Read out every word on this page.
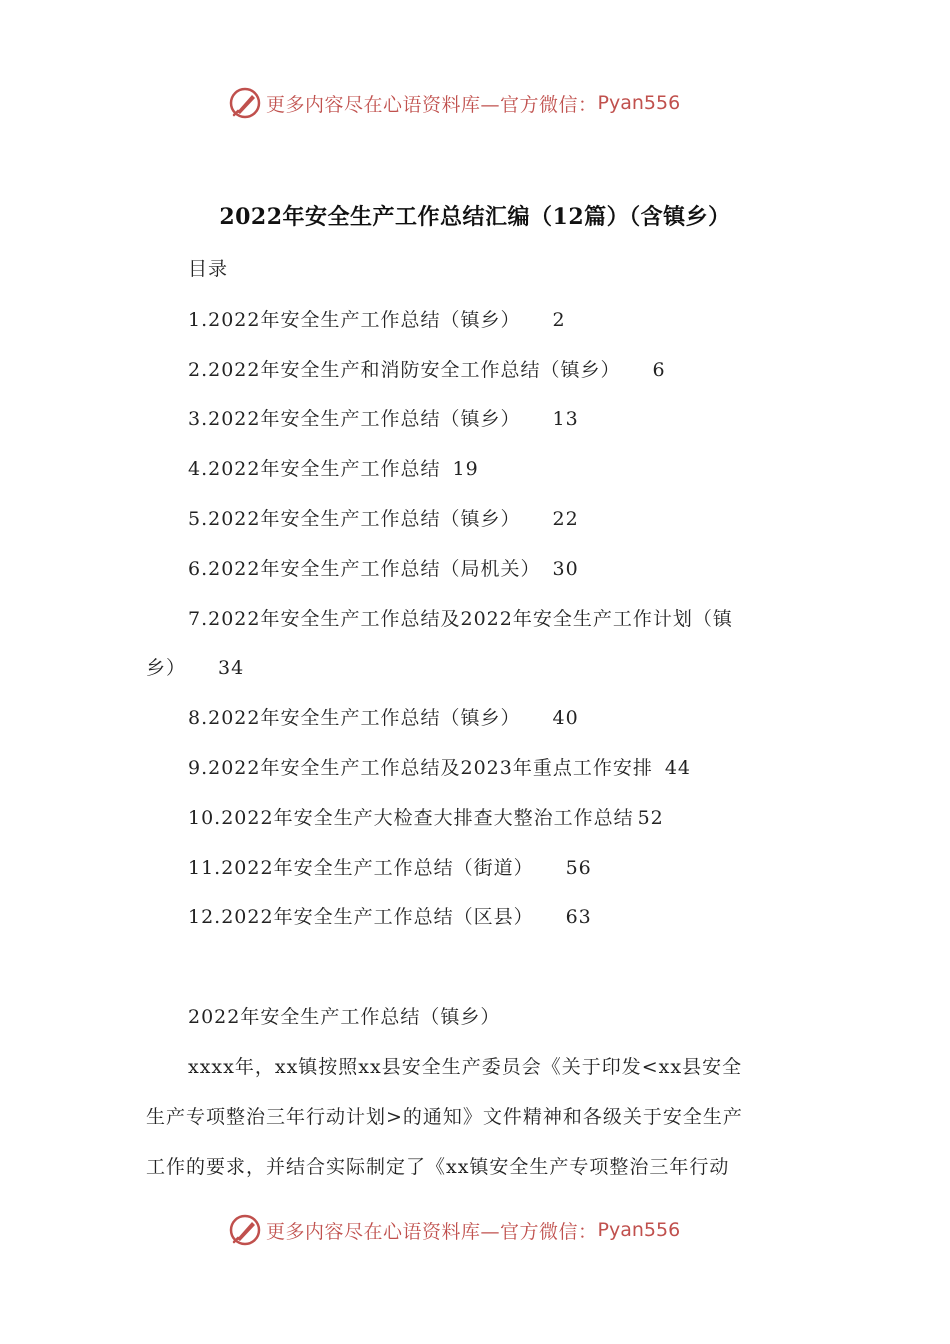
更多内容尽在心语资料库—官方微信： Pyan556
2022年安全生产工作总结汇编（12篇）（含镇乡）
目录
1.2022年安全生产工作总结（镇乡） 2
2.2022年安全生产和消防安全工作总结（镇乡） 6
3.2022年安全生产工作总结（镇乡） 13
4.2022年安全生产工作总结 19
5.2022年安全生产工作总结（镇乡） 22
6.2022年安全生产工作总结（局机关） 30
7.2022年安全生产工作总结及2022年安全生产工作计划（镇
乡） 34
8.2022年安全生产工作总结（镇乡） 40
9.2022年安全生产工作总结及2023年重点工作安排 44
10.2022年安全生产大检查大排查大整治工作总结 52
11.2022年安全生产工作总结（街道） 56
12.2022年安全生产工作总结（区县） 63
2022年安全生产工作总结（镇乡）
xxxx年，xx镇按照xx县安全生产委员会《关于印发<xx县安全
生产专项整治三年行动计划>的通知》文件精神和各级关于安全生产
工作的要求，并结合实际制定了《xx镇安全生产专项整治三年行动
更多内容尽在心语资料库—官方微信： Pyan556
